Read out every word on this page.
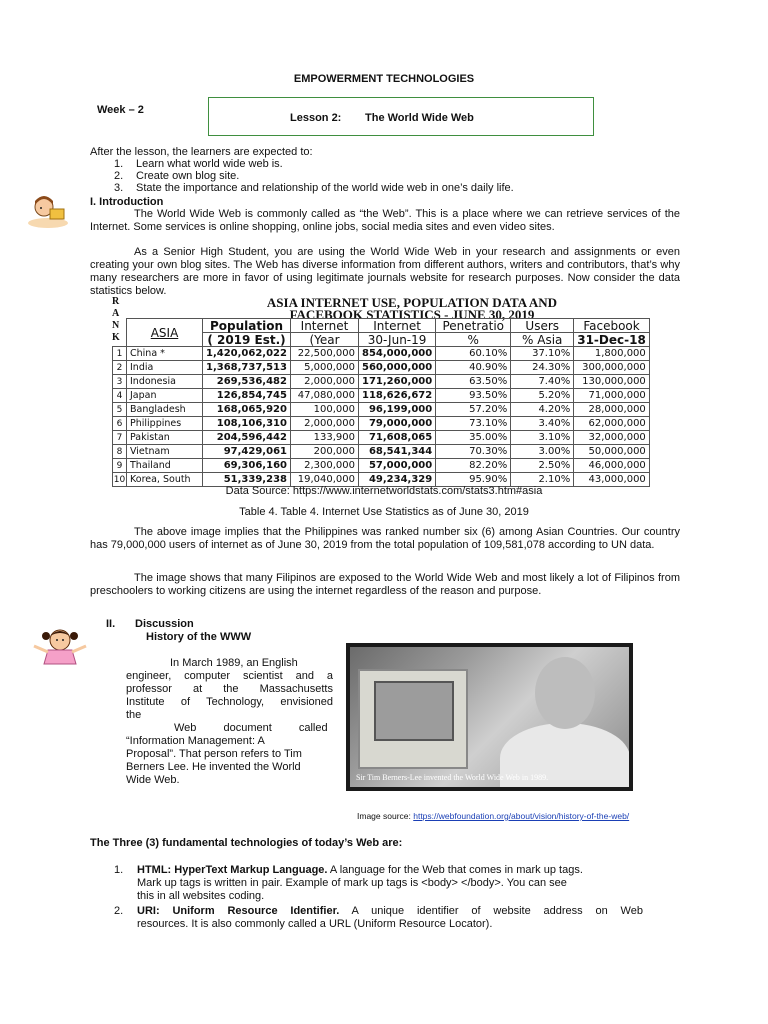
EMPOWERMENT TECHNOLOGIES
Week – 2
Lesson 2: The World Wide Web
After the lesson, the learners are expected to:
1. Learn what world wide web is.
2. Create own blog site.
3. State the importance and relationship of the world wide web in one’s daily life.
I. Introduction
The World Wide Web is commonly called as “the Web”. This is a place where we can retrieve services of the Internet. Some services is online shopping, online jobs, social media sites and even video sites.
As a Senior High Student, you are using the World Wide Web in your research and assignments or even creating your own blog sites. The Web has diverse information from different authors, writers and contributors, that’s why many researchers are more in favor of using legitimate journals website for research purposes. Now consider the data statistics below.
R
A
N
K
ASIA INTERNET USE, POPULATION DATA AND
FACEBOOK STATISTICS - JUNE 30, 2019
	ASIA	Population	Internet	Internet	Penetratio	Users	Facebook
		( 2019 Est.)	(Year	30-Jun-19	%	% Asia	31-Dec-18
1	China *	1,420,062,022	22,500,000	854,000,000	60.10%	37.10%	1,800,000
2	India	1,368,737,513	5,000,000	560,000,000	40.90%	24.30%	300,000,000
3	Indonesia	269,536,482	2,000,000	171,260,000	63.50%	7.40%	130,000,000
4	Japan	126,854,745	47,080,000	118,626,672	93.50%	5.20%	71,000,000
5	Bangladesh	168,065,920	100,000	96,199,000	57.20%	4.20%	28,000,000
6	Philippines	108,106,310	2,000,000	79,000,000	73.10%	3.40%	62,000,000
7	Pakistan	204,596,442	133,900	71,608,065	35.00%	3.10%	32,000,000
8	Vietnam	97,429,061	200,000	68,541,344	70.30%	3.00%	50,000,000
9	Thailand	69,306,160	2,300,000	57,000,000	82.20%	2.50%	46,000,000
10	Korea, South	51,339,238	19,040,000	49,234,329	95.90%	2.10%	43,000,000
Data Source: https://www.internetworldstats.com/stats3.htm#asia
Table 4. Table 4. Internet Use Statistics as of June 30, 2019
The above image implies that the Philippines was ranked number six (6) among Asian Countries. Our country has 79,000,000 users of internet as of June 30, 2019 from the total population of 109,581,078 according to UN data.
The image shows that many Filipinos are exposed to the World Wide Web and most likely a lot of Filipinos from preschoolers to working citizens are using the internet regardless of the reason and purpose.
II. Discussion
History of the WWW
In March 1989, an English
engineer, computer scientist and a
professor at the Massachusetts
Institute of Technology, envisioned
the
Web document called
“Information Management: A
Proposal”. That person refers to Tim
Berners Lee. He invented the World
Wide Web.	Sir Tim Berners-Lee invented the World Wide Web in 1989.
Image source: https://webfoundation.org/about/vision/history-of-the-web/
The Three (3) fundamental technologies of today’s Web are:
1. HTML: HyperText Markup Language. A language for the Web that comes in mark up tags.
Mark up tags is written in pair. Example of mark up tags is <body> </body>. You can see
this in all websites coding.
2. URI: Uniform Resource Identifier. A unique identifier of website address on Web
resources. It is also commonly called a URL (Uniform Resource Locator).
